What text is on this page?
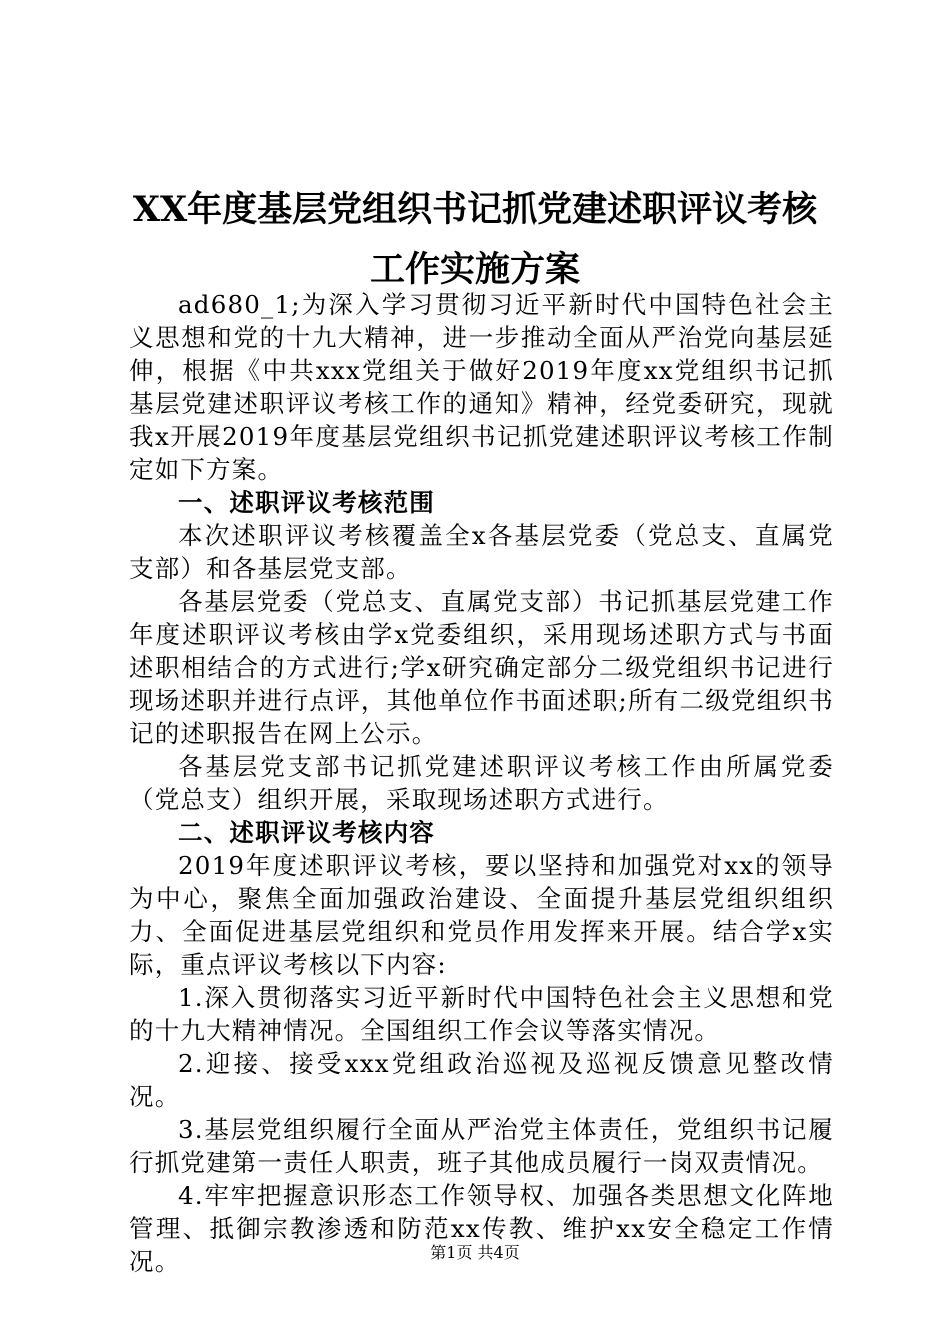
XX年度基层党组织书记抓党建述职评议考核
工作实施方案

ad680_1;为深入学习贯彻习近平新时代中国特色社会主义思想和党的十九大精神，进一步推动全面从严治党向基层延伸，根据《中共xxx党组关于做好2019年度xx党组织书记抓基层党建述职评议考核工作的通知》精神，经党委研究，现就我x开展2019年度基层党组织书记抓党建述职评议考核工作制定如下方案。

一、述职评议考核范围

本次述职评议考核覆盖全x各基层党委（党总支、直属党支部）和各基层党支部。

各基层党委（党总支、直属党支部）书记抓基层党建工作年度述职评议考核由学x党委组织，采用现场述职方式与书面述职相结合的方式进行;学x研究确定部分二级党组织书记进行现场述职并进行点评，其他单位作书面述职;所有二级党组织书记的述职报告在网上公示。

各基层党支部书记抓党建述职评议考核工作由所属党委（党总支）组织开展，采取现场述职方式进行。

二、述职评议考核内容

2019年度述职评议考核，要以坚持和加强党对xx的领导为中心，聚焦全面加强政治建设、全面提升基层党组织组织力、全面促进基层党组织和党员作用发挥来开展。结合学x实际，重点评议考核以下内容:

1.深入贯彻落实习近平新时代中国特色社会主义思想和党的十九大精神情况。全国组织工作会议等落实情况。

2.迎接、接受xxx党组政治巡视及巡视反馈意见整改情况。

3.基层党组织履行全面从严治党主体责任，党组织书记履行抓党建第一责任人职责，班子其他成员履行一岗双责情况。

4.牢牢把握意识形态工作领导权、加强各类思想文化阵地管理、抵御宗教渗透和防范xx传教、维护xx安全稳定工作情况。	第1页 共4页
